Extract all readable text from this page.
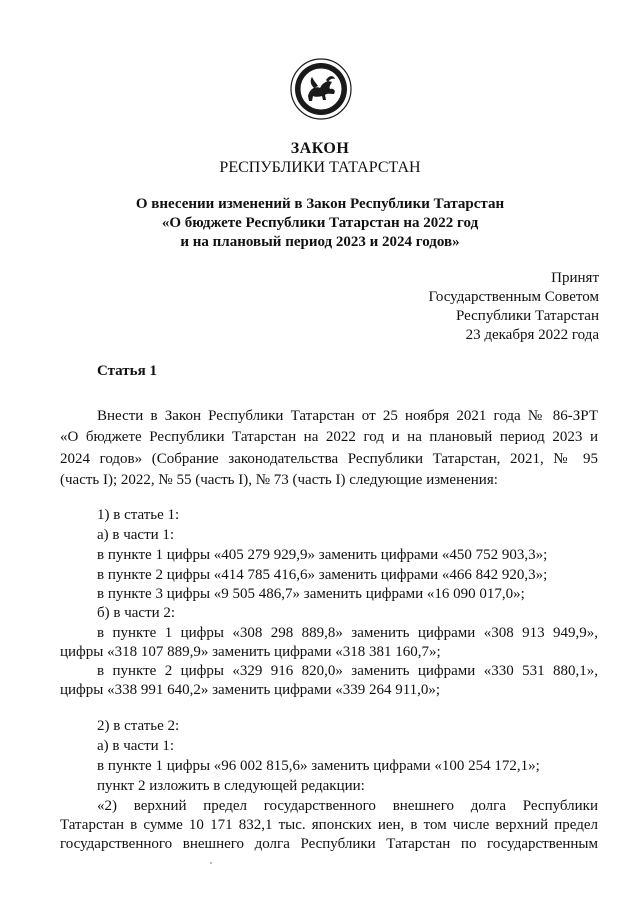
ЗАКОН
РЕСПУБЛИКИ ТАТАРСТАН
О внесении изменений в Закон Республики Татарстан
«О бюджете Республики Татарстан на 2022 год
и на плановый период 2023 и 2024 годов»
Принят
Государственным Советом
Республики Татарстан
23 декабря 2022 года
Статья 1
Внести в Закон Республики Татарстан от 25 ноября 2021 года № 86-ЗРТ
«О бюджете Республики Татарстан на 2022 год и на плановый период 2023 и
2024 годов» (Собрание законодательства Республики Татарстан, 2021, № 95
(часть I); 2022, № 55 (часть I), № 73 (часть I) следующие изменения:
1) в статье 1:
а) в части 1:
в пункте 1 цифры «405 279 929,9» заменить цифрами «450 752 903,3»;
в пункте 2 цифры «414 785 416,6» заменить цифрами «466 842 920,3»;
в пункте 3 цифры «9 505 486,7» заменить цифрами «16 090 017,0»;
б) в части 2:
в пункте 1 цифры «308 298 889,8» заменить цифрами «308 913 949,9»,
цифры «318 107 889,9» заменить цифрами «318 381 160,7»;
в пункте 2 цифры «329 916 820,0» заменить цифрами «330 531 880,1»,
цифры «338 991 640,2» заменить цифрами «339 264 911,0»;
2) в статье 2:
а) в части 1:
в пункте 1 цифры «96 002 815,6» заменить цифрами «100 254 172,1»;
пункт 2 изложить в следующей редакции:
«2) верхний предел государственного внешнего долга Республики
Татарстан в сумме 10 171 832,1 тыс. японских иен, в том числе верхний предел
государственного внешнего долга Республики Татарстан по государственным
